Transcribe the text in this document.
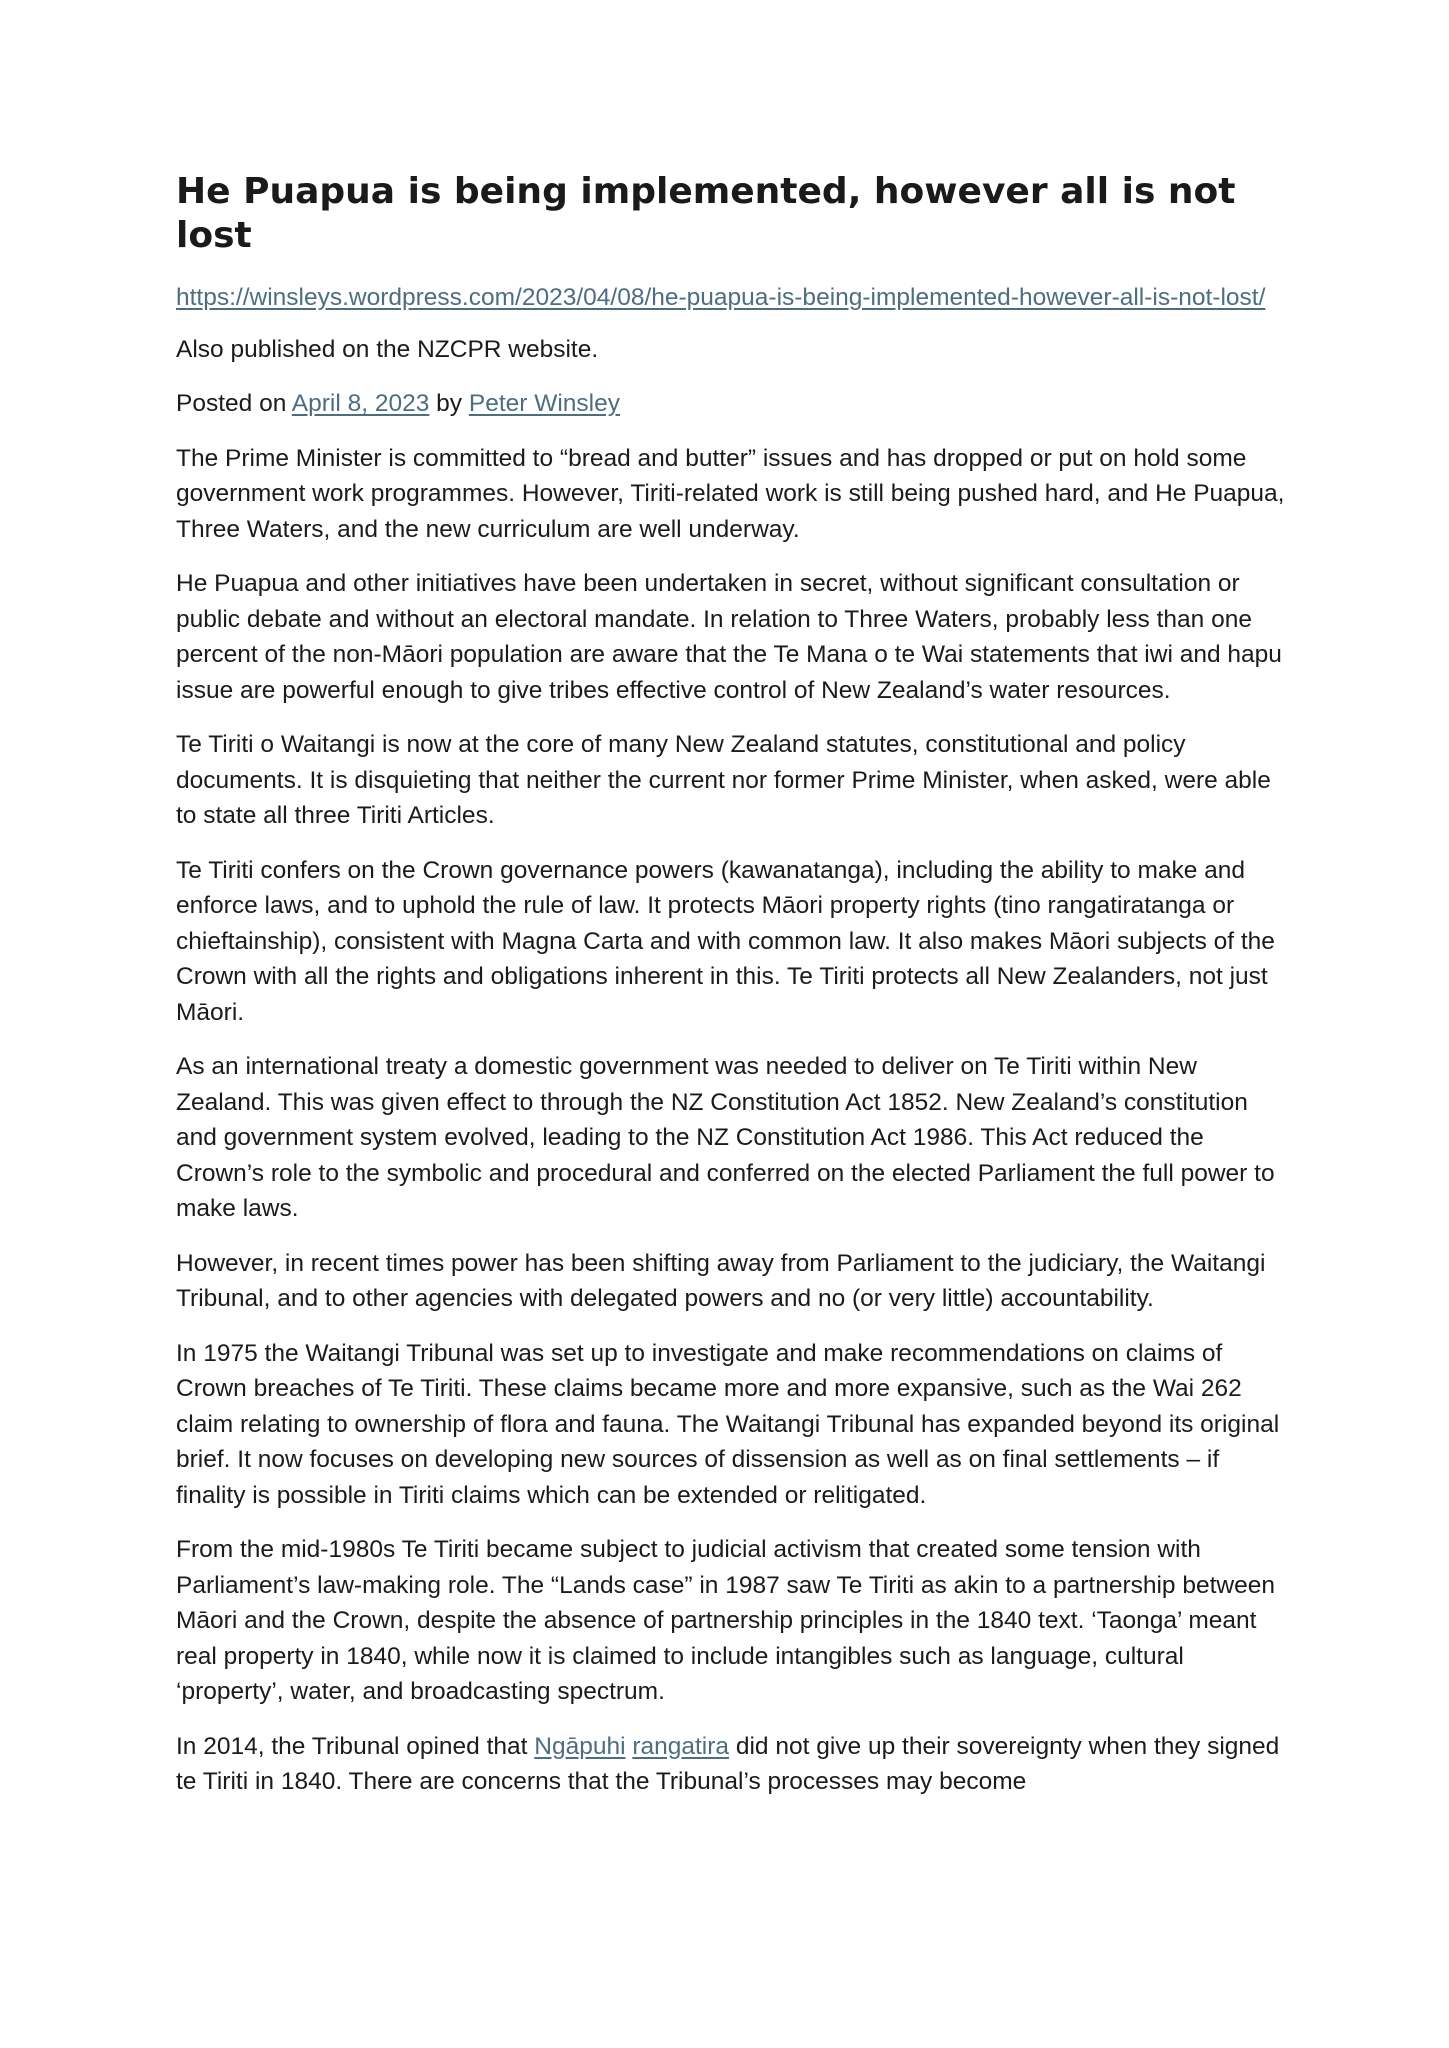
He Puapua is being implemented, however all is not lost

https://winsleys.wordpress.com/2023/04/08/he-puapua-is-being-implemented-however-all-is-not-lost/

Also published on the NZCPR website.

Posted on April 8, 2023 by Peter Winsley

The Prime Minister is committed to “bread and butter” issues and has dropped or put on hold some government work programmes. However, Tiriti-related work is still being pushed hard, and He Puapua, Three Waters, and the new curriculum are well underway.

He Puapua and other initiatives have been undertaken in secret, without significant consultation or public debate and without an electoral mandate. In relation to Three Waters, probably less than one percent of the non-Māori population are aware that the Te Mana o te Wai statements that iwi and hapu issue are powerful enough to give tribes effective control of New Zealand’s water resources.

Te Tiriti o Waitangi is now at the core of many New Zealand statutes, constitutional and policy documents. It is disquieting that neither the current nor former Prime Minister, when asked, were able to state all three Tiriti Articles.

Te Tiriti confers on the Crown governance powers (kawanatanga), including the ability to make and enforce laws, and to uphold the rule of law. It protects Māori property rights (tino rangatiratanga or chieftainship), consistent with Magna Carta and with common law. It also makes Māori subjects of the Crown with all the rights and obligations inherent in this. Te Tiriti protects all New Zealanders, not just Māori.

As an international treaty a domestic government was needed to deliver on Te Tiriti within New Zealand. This was given effect to through the NZ Constitution Act 1852. New Zealand’s constitution and government system evolved, leading to the NZ Constitution Act 1986. This Act reduced the Crown’s role to the symbolic and procedural and conferred on the elected Parliament the full power to make laws.

However, in recent times power has been shifting away from Parliament to the judiciary, the Waitangi Tribunal, and to other agencies with delegated powers and no (or very little) accountability.

In 1975 the Waitangi Tribunal was set up to investigate and make recommendations on claims of Crown breaches of Te Tiriti. These claims became more and more expansive, such as the Wai 262 claim relating to ownership of flora and fauna. The Waitangi Tribunal has expanded beyond its original brief. It now focuses on developing new sources of dissension as well as on final settlements – if finality is possible in Tiriti claims which can be extended or relitigated.

From the mid-1980s Te Tiriti became subject to judicial activism that created some tension with Parliament’s law-making role. The “Lands case” in 1987 saw Te Tiriti as akin to a partnership between Māori and the Crown, despite the absence of partnership principles in the 1840 text. ‘Taonga’ meant real property in 1840, while now it is claimed to include intangibles such as language, cultural ‘property’, water, and broadcasting spectrum.

In 2014, the Tribunal opined that Ngāpuhi rangatira did not give up their sovereignty when they signed te Tiriti in 1840. There are concerns that the Tribunal’s processes may become
